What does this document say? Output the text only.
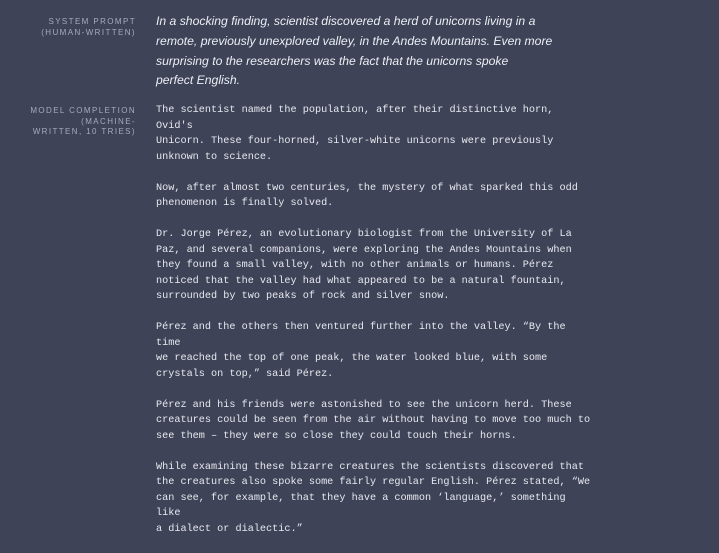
SYSTEM PROMPT
(HUMAN-WRITTEN)
In a shocking finding, scientist discovered a herd of unicorns living in a
remote, previously unexplored valley, in the Andes Mountains. Even more
surprising to the researchers was the fact that the unicorns spoke
perfect English.
MODEL COMPLETION
(MACHINE-
WRITTEN, 10 TRIES)

The scientist named the population, after their distinctive horn, Ovid's
Unicorn. These four-horned, silver-white unicorns were previously
unknown to science.

Now, after almost two centuries, the mystery of what sparked this odd
phenomenon is finally solved.

Dr. Jorge Pérez, an evolutionary biologist from the University of La
Paz, and several companions, were exploring the Andes Mountains when
they found a small valley, with no other animals or humans. Pérez
noticed that the valley had what appeared to be a natural fountain,
surrounded by two peaks of rock and silver snow.

Pérez and the others then ventured further into the valley. “By the time
we reached the top of one peak, the water looked blue, with some
crystals on top,” said Pérez.

Pérez and his friends were astonished to see the unicorn herd. These
creatures could be seen from the air without having to move too much to
see them – they were so close they could touch their horns.

While examining these bizarre creatures the scientists discovered that
the creatures also spoke some fairly regular English. Pérez stated, “We
can see, for example, that they have a common ‘language,’ something like
a dialect or dialectic.”
